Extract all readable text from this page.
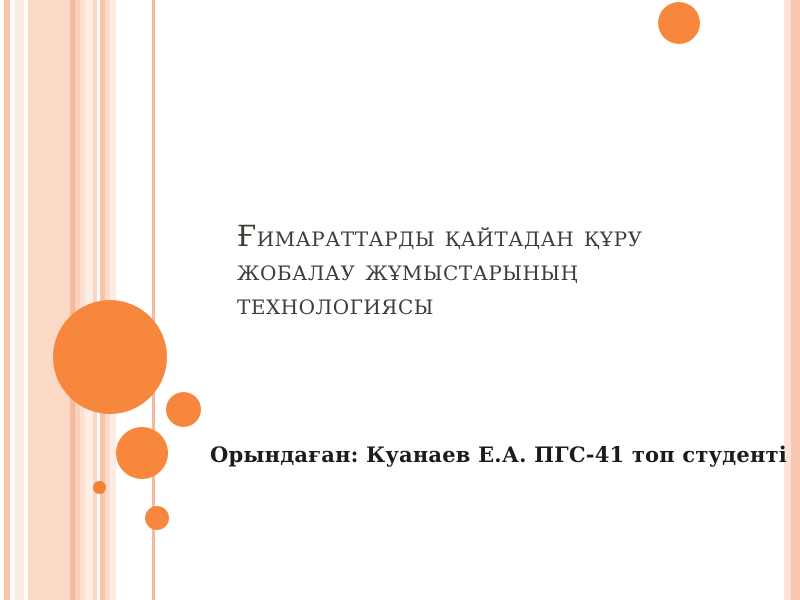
Ғимараттарды қайтадан құру
жобалау жұмыстарының
технологиясы
Орындаған: Куанаев Е.А. ПГС-41 топ студенті
